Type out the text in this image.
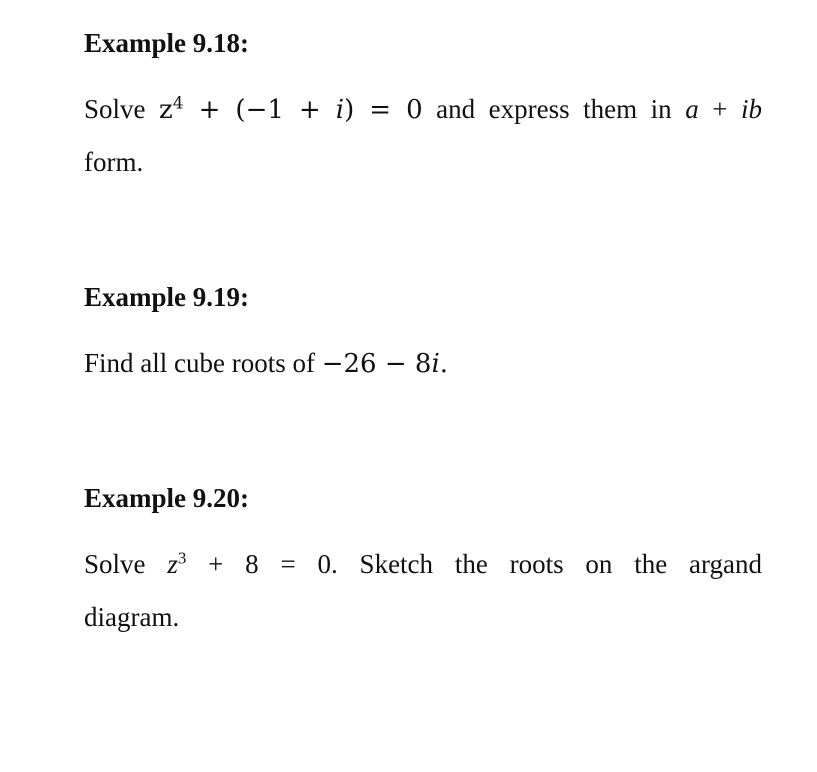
Example 9.18:
Solve $z^4 + (-1 + i) = 0$ and express them in a + ib
form.
Example 9.19:
Find all cube roots of −26 − 8i.
Example 9.20:
Solve $z^3 + 8 = 0$. Sketch the roots on the argand
diagram.
